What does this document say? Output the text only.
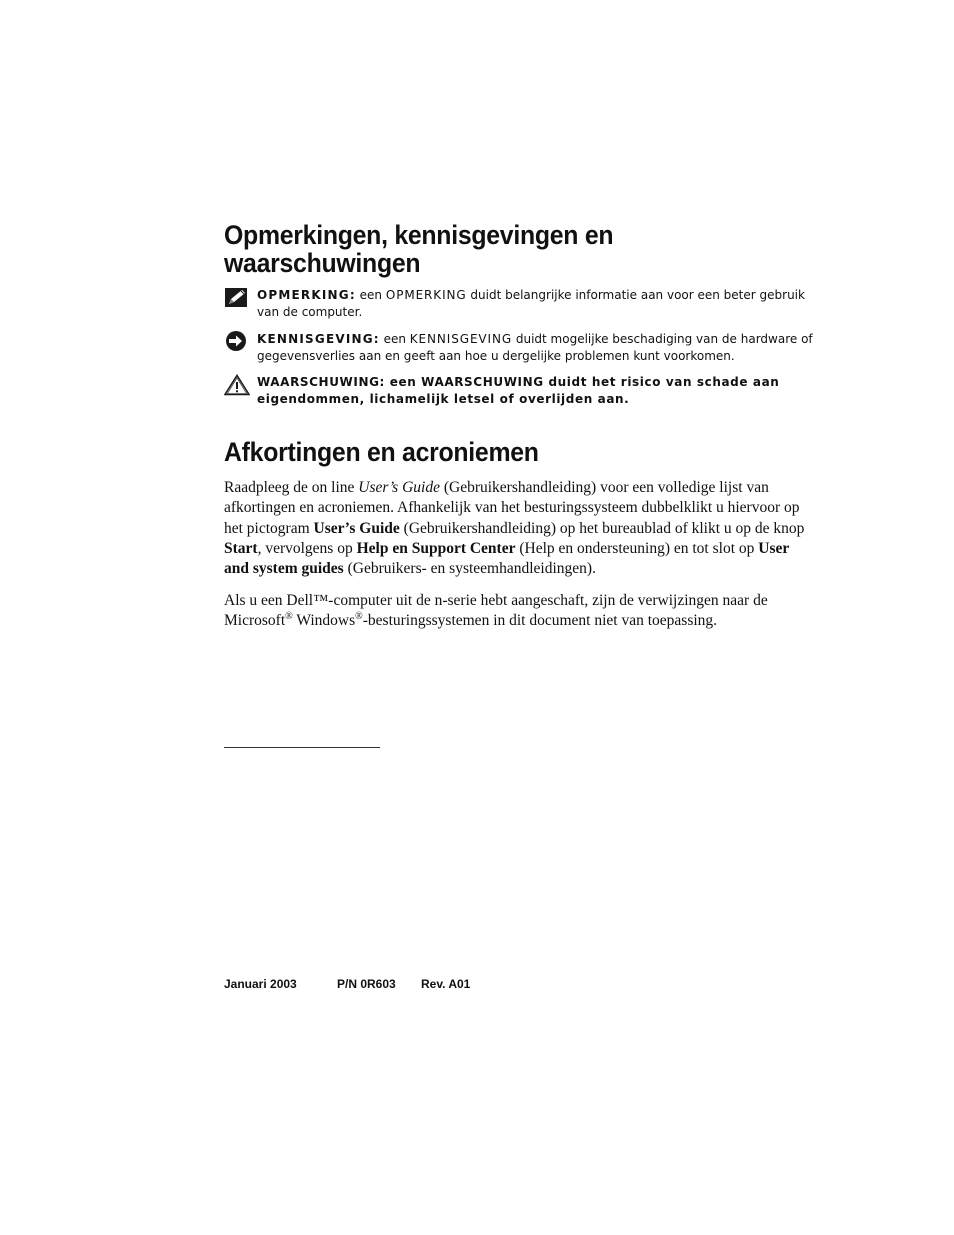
Opmerkingen, kennisgevingen en
waarschuwingen
OPMERKING: een OPMERKING duidt belangrijke informatie aan voor een beter gebruik van de computer.
KENNISGEVING: een KENNISGEVING duidt mogelijke beschadiging van de hardware of gegevensverlies aan en geeft aan hoe u dergelijke problemen kunt voorkomen.
WAARSCHUWING: een WAARSCHUWING duidt het risico van schade aan eigendommen, lichamelijk letsel of overlijden aan.
Afkortingen en acroniemen

Raadpleeg de on line User’s Guide (Gebruikershandleiding) voor een volledige lijst van afkortingen en acroniemen. Afhankelijk van het besturingssysteem dubbelklikt u hiervoor op het pictogram User’s Guide (Gebruikershandleiding) op het bureaublad of klikt u op de knop Start, vervolgens op Help en Support Center (Help en ondersteuning) en tot slot op User and system guides (Gebruikers- en systeemhandleidingen).

Als u een Dell™-computer uit de n-serie hebt aangeschaft, zijn de verwijzingen naar de Microsoft® Windows®-besturingssystemen in dit document niet van toepassing.

Januari 2003	P/N 0R603 Rev. A01
